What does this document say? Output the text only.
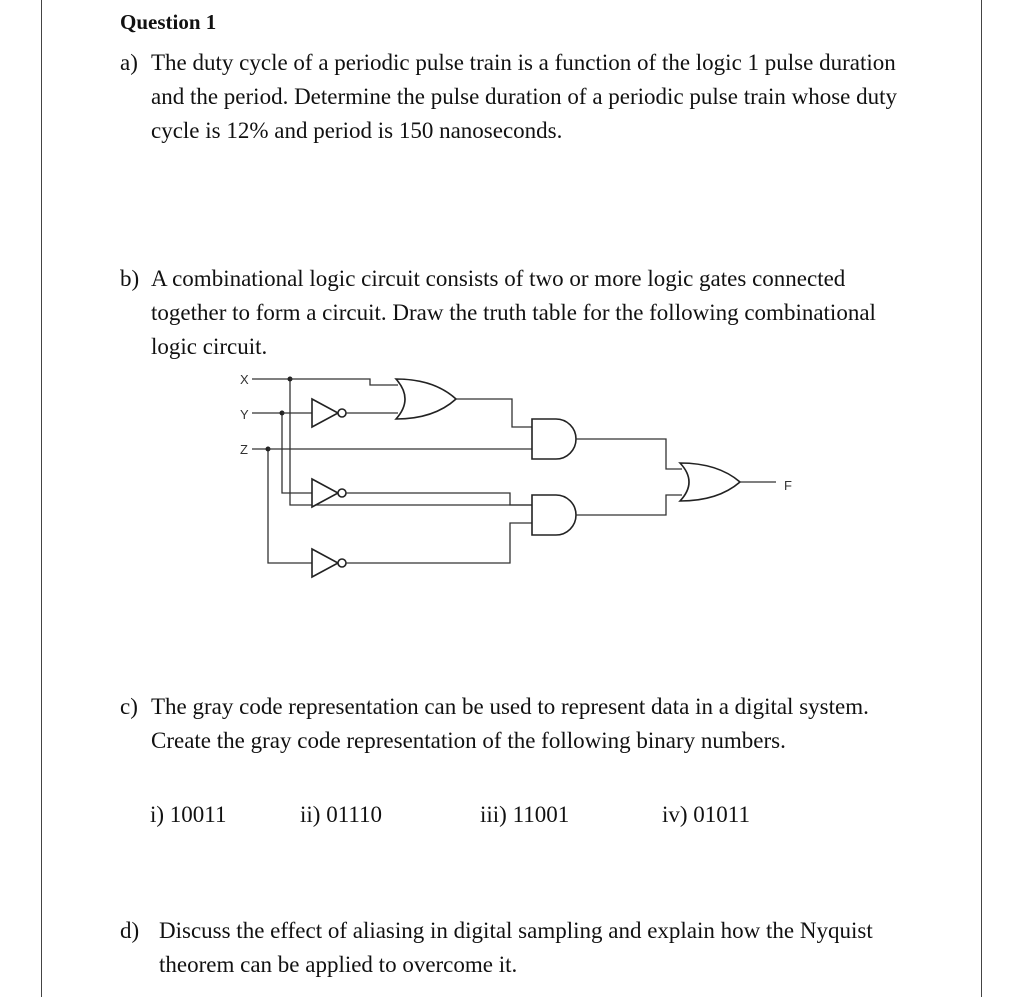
Question 1
a) The duty cycle of a periodic pulse train is a function of the logic 1 pulse duration and the period. Determine the pulse duration of a periodic pulse train whose duty cycle is 12% and period is 150 nanoseconds.
b) A combinational logic circuit consists of two or more logic gates connected together to form a circuit. Draw the truth table for the following combinational logic circuit.
X
Y
Z
F
c) The gray code representation can be used to represent data in a digital system. Create the gray code representation of the following binary numbers.
i) 10011	ii) 01110	iii) 11001	iv) 01011
d) Discuss the effect of aliasing in digital sampling and explain how the Nyquist theorem can be applied to overcome it.
